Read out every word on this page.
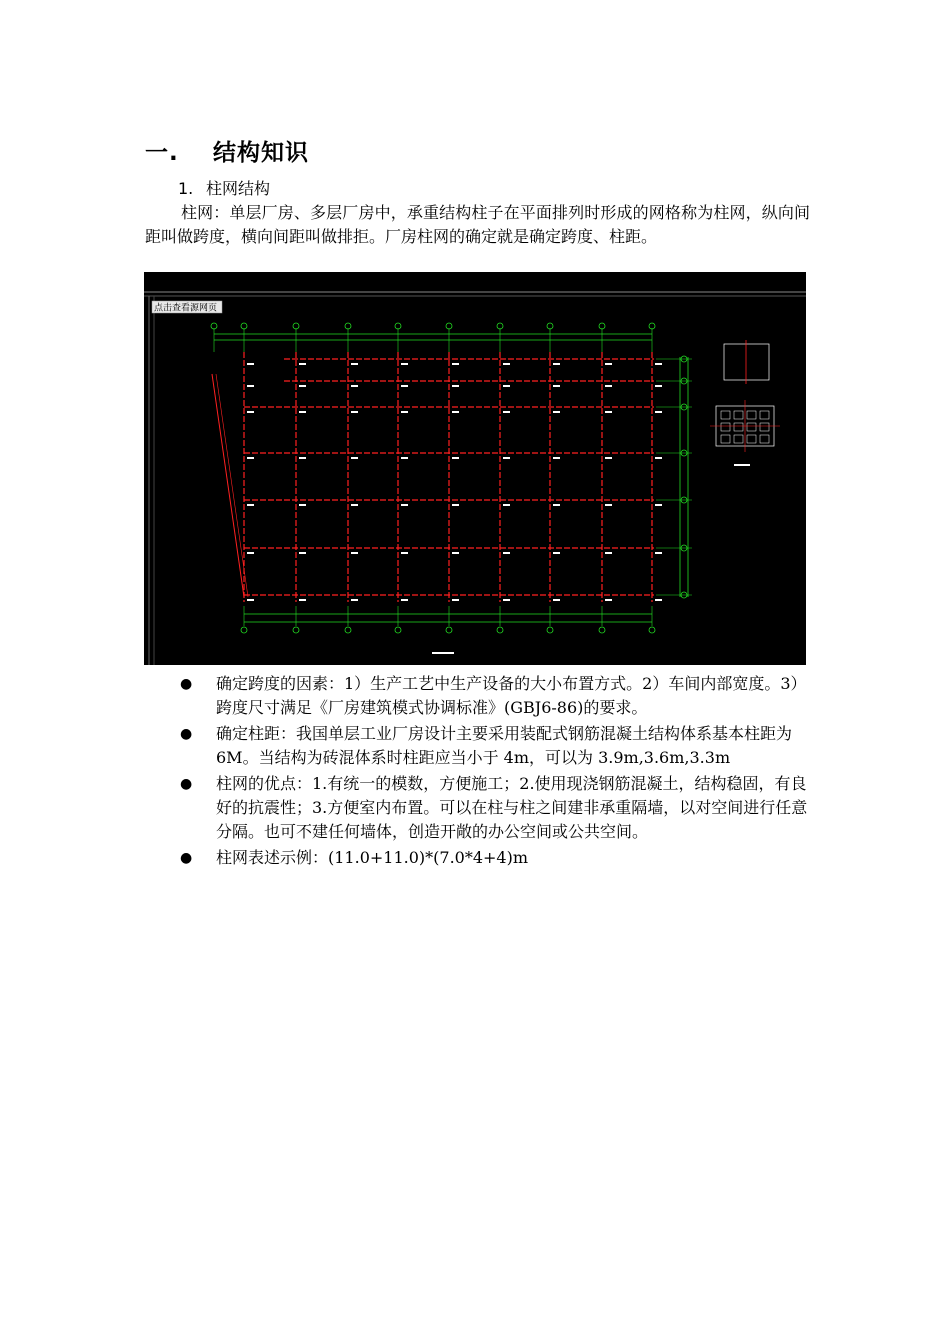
一. 结构知识
1. 柱网结构

柱网：单层厂房、多层厂房中，承重结构柱子在平面排列时形成的网格称为柱网，纵向间距叫做跨度，横向间距叫做排拒。厂房柱网的确定就是确定跨度、柱距。

点击查看源网页
● 确定跨度的因素：1）生产工艺中生产设备的大小布置方式。2）车间内部宽度。3）跨度尺寸满足《厂房建筑模式协调标准》(GBJ6-86)的要求。
● 确定柱距：我国单层工业厂房设计主要采用装配式钢筋混凝土结构体系基本柱距为 6M。当结构为砖混体系时柱距应当小于 4m，可以为 3.9m,3.6m,3.3m
● 柱网的优点：1.有统一的模数，方便施工；2.使用现浇钢筋混凝土，结构稳固，有良好的抗震性；3.方便室内布置。可以在柱与柱之间建非承重隔墙，以对空间进行任意分隔。也可不建任何墙体，创造开敞的办公空间或公共空间。
● 柱网表述示例：(11.0+11.0)*(7.0*4+4)m
